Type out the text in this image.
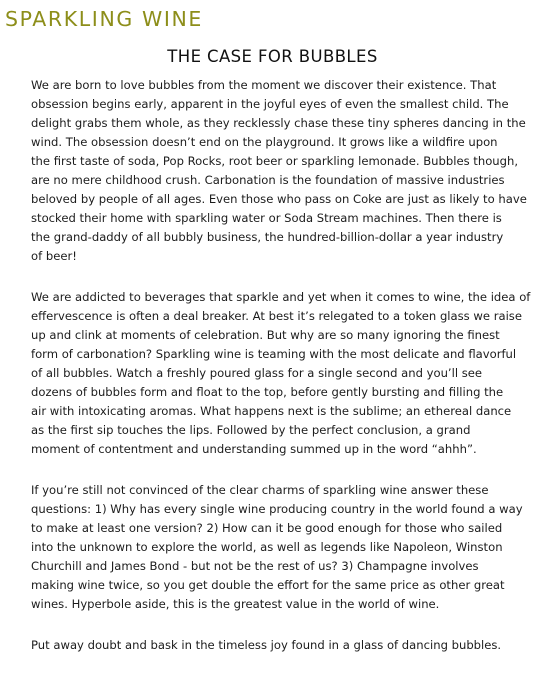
SPARKLING WINE
THE CASE FOR BUBBLES

We are born to love bubbles from the moment we discover their existence. That
obsession begins early, apparent in the joyful eyes of even the smallest child. The
delight grabs them whole, as they recklessly chase these tiny spheres dancing in the
wind. The obsession doesn’t end on the playground. It grows like a wildfire upon
the first taste of soda, Pop Rocks, root beer or sparkling lemonade. Bubbles though,
are no mere childhood crush. Carbonation is the foundation of massive industries
beloved by people of all ages. Even those who pass on Coke are just as likely to have
stocked their home with sparkling water or Soda Stream machines. Then there is
the grand-daddy of all bubbly business, the hundred-billion-dollar a year industry
of beer!

We are addicted to beverages that sparkle and yet when it comes to wine, the idea of
effervescence is often a deal breaker. At best it’s relegated to a token glass we raise
up and clink at moments of celebration. But why are so many ignoring the finest
form of carbonation? Sparkling wine is teaming with the most delicate and flavorful
of all bubbles. Watch a freshly poured glass for a single second and you’ll see
dozens of bubbles form and float to the top, before gently bursting and filling the
air with intoxicating aromas. What happens next is the sublime; an ethereal dance
as the first sip touches the lips. Followed by the perfect conclusion, a grand
moment of contentment and understanding summed up in the word “ahhh”.

If you’re still not convinced of the clear charms of sparkling wine answer these
questions: 1) Why has every single wine producing country in the world found a way
to make at least one version? 2) How can it be good enough for those who sailed
into the unknown to explore the world, as well as legends like Napoleon, Winston
Churchill and James Bond - but not be the rest of us? 3) Champagne involves
making wine twice, so you get double the effort for the same price as other great
wines. Hyperbole aside, this is the greatest value in the world of wine.

Put away doubt and bask in the timeless joy found in a glass of dancing bubbles.
